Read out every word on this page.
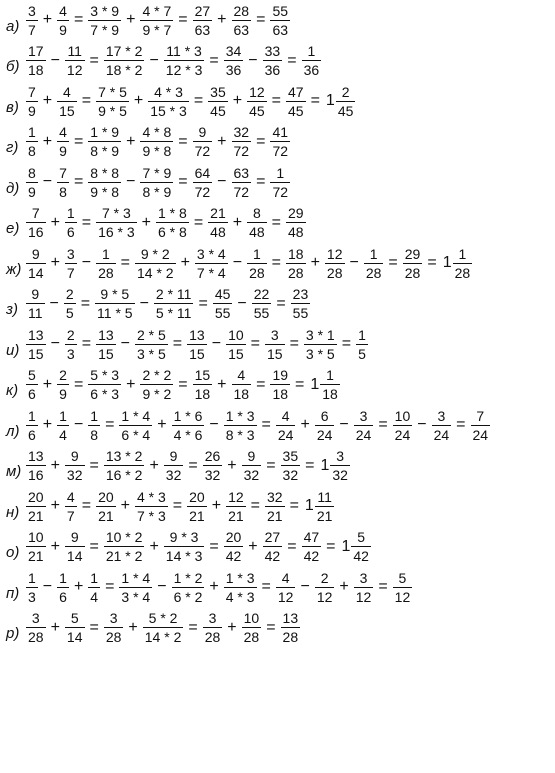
$а) \frac{3}{7} + \frac{4}{9} = \frac{3 * 9}{7 * 9} + \frac{4 * 7}{9 * 7} = \frac{27}{63} + \frac{28}{63} = \frac{55}{63}$
$б) \frac{17}{18} - \frac{11}{12} = \frac{17 * 2}{18 * 2} - \frac{11 * 3}{12 * 3} = \frac{34}{36} - \frac{33}{36} = \frac{1}{36}$
$в) \frac{7}{9} + \frac{4}{15} = \frac{7 * 5}{9 * 5} + \frac{4 * 3}{15 * 3} = \frac{35}{45} + \frac{12}{45} = \frac{47}{45} = 1 \frac{2}{45}$
$г) \frac{1}{8} + \frac{4}{9} = \frac{1 * 9}{8 * 9} + \frac{4 * 8}{9 * 8} = \frac{9}{72} + \frac{32}{72} = \frac{41}{72}$
$д) \frac{8}{9} - \frac{7}{8} = \frac{8 * 8}{9 * 8} - \frac{7 * 9}{8 * 9} = \frac{64}{72} - \frac{63}{72} = \frac{1}{72}$
$е) \frac{7}{16} + \frac{1}{6} = \frac{7 * 3}{16 * 3} + \frac{1 * 8}{6 * 8} = \frac{21}{48} + \frac{8}{48} = \frac{29}{48}$
$ж) \frac{9}{14} + \frac{3}{7} - \frac{1}{28} = \frac{9 * 2}{14 * 2} + \frac{3 * 4}{7 * 4} - \frac{1}{28} = \frac{18}{28} + \frac{12}{28} - \frac{1}{28} = \frac{29}{28} = 1 \frac{1}{28}$
$з) \frac{9}{11} - \frac{2}{5} = \frac{9 * 5}{11 * 5} - \frac{2 * 11}{5 * 11} = \frac{45}{55} - \frac{22}{55} = \frac{23}{55}$
$и) \frac{13}{15} - \frac{2}{3} = \frac{13}{15} - \frac{2 * 5}{3 * 5} = \frac{13}{15} - \frac{10}{15} = \frac{3}{15} = \frac{3 * 1}{3 * 5} = \frac{1}{5}$
$к) \frac{5}{6} + \frac{2}{9} = \frac{5 * 3}{6 * 3} + \frac{2 * 2}{9 * 2} = \frac{15}{18} + \frac{4}{18} = \frac{19}{18} = 1 \frac{1}{18}$
$л) \frac{1}{6} + \frac{1}{4} - \frac{1}{8} = \frac{1 * 4}{6 * 4} + \frac{1 * 6}{4 * 6} - \frac{1 * 3}{8 * 3} = \frac{4}{24} + \frac{6}{24} - \frac{3}{24} = \frac{10}{24} - \frac{3}{24} = \frac{7}{24}$
$м) \frac{13}{16} + \frac{9}{32} = \frac{13 * 2}{16 * 2} + \frac{9}{32} = \frac{26}{32} + \frac{9}{32} = \frac{35}{32} = 1 \frac{3}{32}$
$н) \frac{20}{21} + \frac{4}{7} = \frac{20}{21} + \frac{4 * 3}{7 * 3} = \frac{20}{21} + \frac{12}{21} = \frac{32}{21} = 1 \frac{11}{21}$
$о) \frac{10}{21} + \frac{9}{14} = \frac{10 * 2}{21 * 2} + \frac{9 * 3}{14 * 3} = \frac{20}{42} + \frac{27}{42} = \frac{47}{42} = 1 \frac{5}{42}$
$п) \frac{1}{3} - \frac{1}{6} + \frac{1}{4} = \frac{1 * 4}{3 * 4} - \frac{1 * 2}{6 * 2} + \frac{1 * 3}{4 * 3} = \frac{4}{12} - \frac{2}{12} + \frac{3}{12} = \frac{5}{12}$
$р) \frac{3}{28} + \frac{5}{14} = \frac{3}{28} + \frac{5 * 2}{14 * 2} = \frac{3}{28} + \frac{10}{28} = \frac{13}{28}$
